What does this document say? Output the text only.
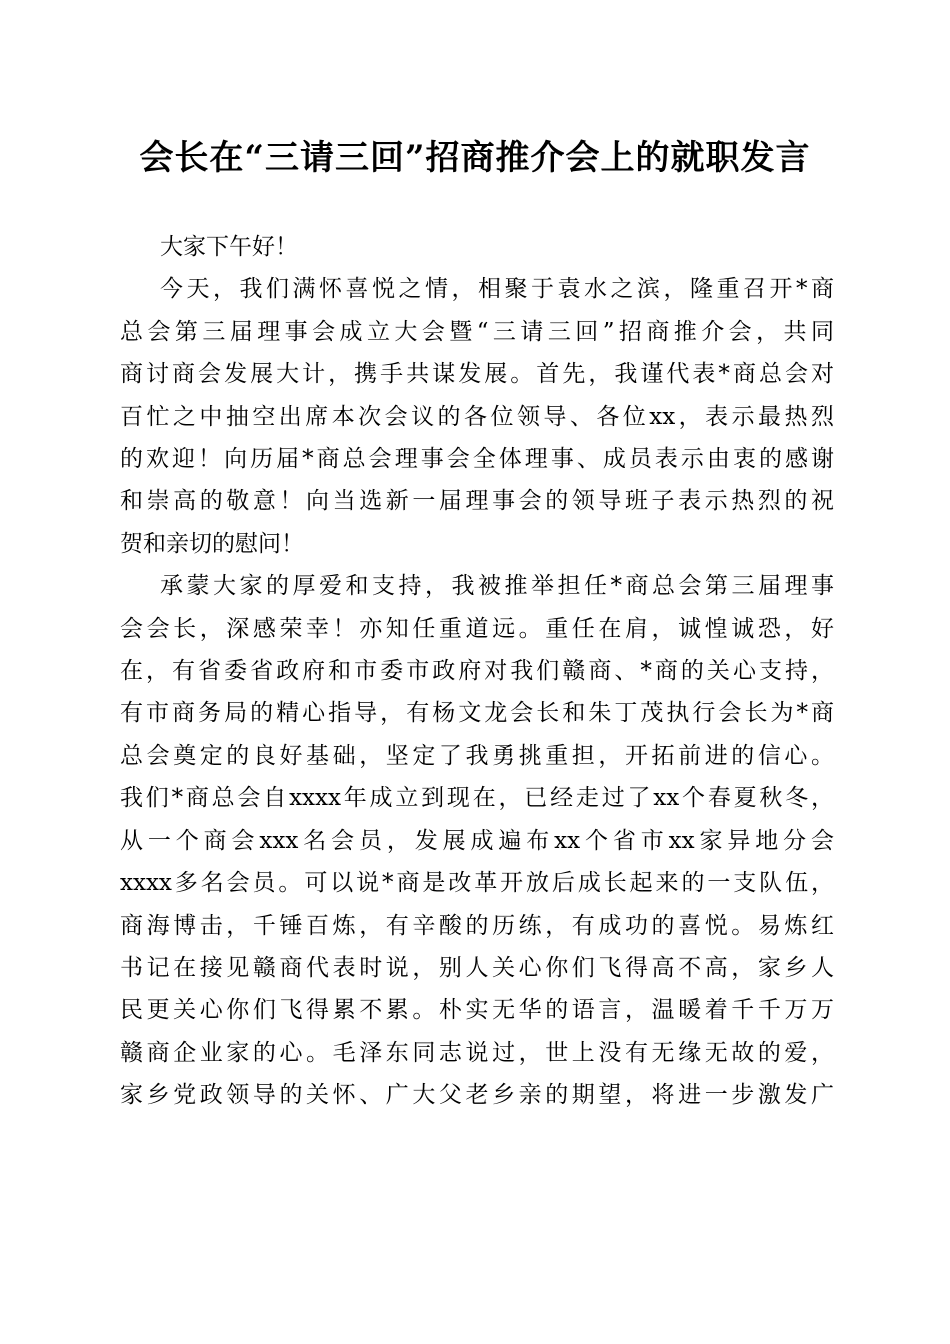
会长在“三请三回”招商推介会上的就职发言
大家下午好！
今天，我们满怀喜悦之情，相聚于袁水之滨，隆重召开*商
总会第三届理事会成立大会暨“三请三回”招商推介会，共同
商讨商会发展大计，携手共谋发展。首先，我谨代表*商总会对
百忙之中抽空出席本次会议的各位领导、各位xx，表示最热烈
的欢迎！向历届*商总会理事会全体理事、成员表示由衷的感谢
和崇高的敬意！向当选新一届理事会的领导班子表示热烈的祝
贺和亲切的慰问！
承蒙大家的厚爱和支持，我被推举担任*商总会第三届理事
会会长，深感荣幸！亦知任重道远。重任在肩，诚惶诚恐，好
在，有省委省政府和市委市政府对我们赣商、*商的关心支持，
有市商务局的精心指导，有杨文龙会长和朱丁茂执行会长为*商
总会奠定的良好基础，坚定了我勇挑重担，开拓前进的信心。
我们*商总会自xxxx年成立到现在，已经走过了xx个春夏秋冬，
从一个商会xxx名会员，发展成遍布xx个省市xx家异地分会
xxxx多名会员。可以说*商是改革开放后成长起来的一支队伍，
商海博击，千锤百炼，有辛酸的历练，有成功的喜悦。易炼红
书记在接见赣商代表时说，别人关心你们飞得高不高，家乡人
民更关心你们飞得累不累。朴实无华的语言，温暖着千千万万
赣商企业家的心。毛泽东同志说过，世上没有无缘无故的爱，
家乡党政领导的关怀、广大父老乡亲的期望，将进一步激发广
